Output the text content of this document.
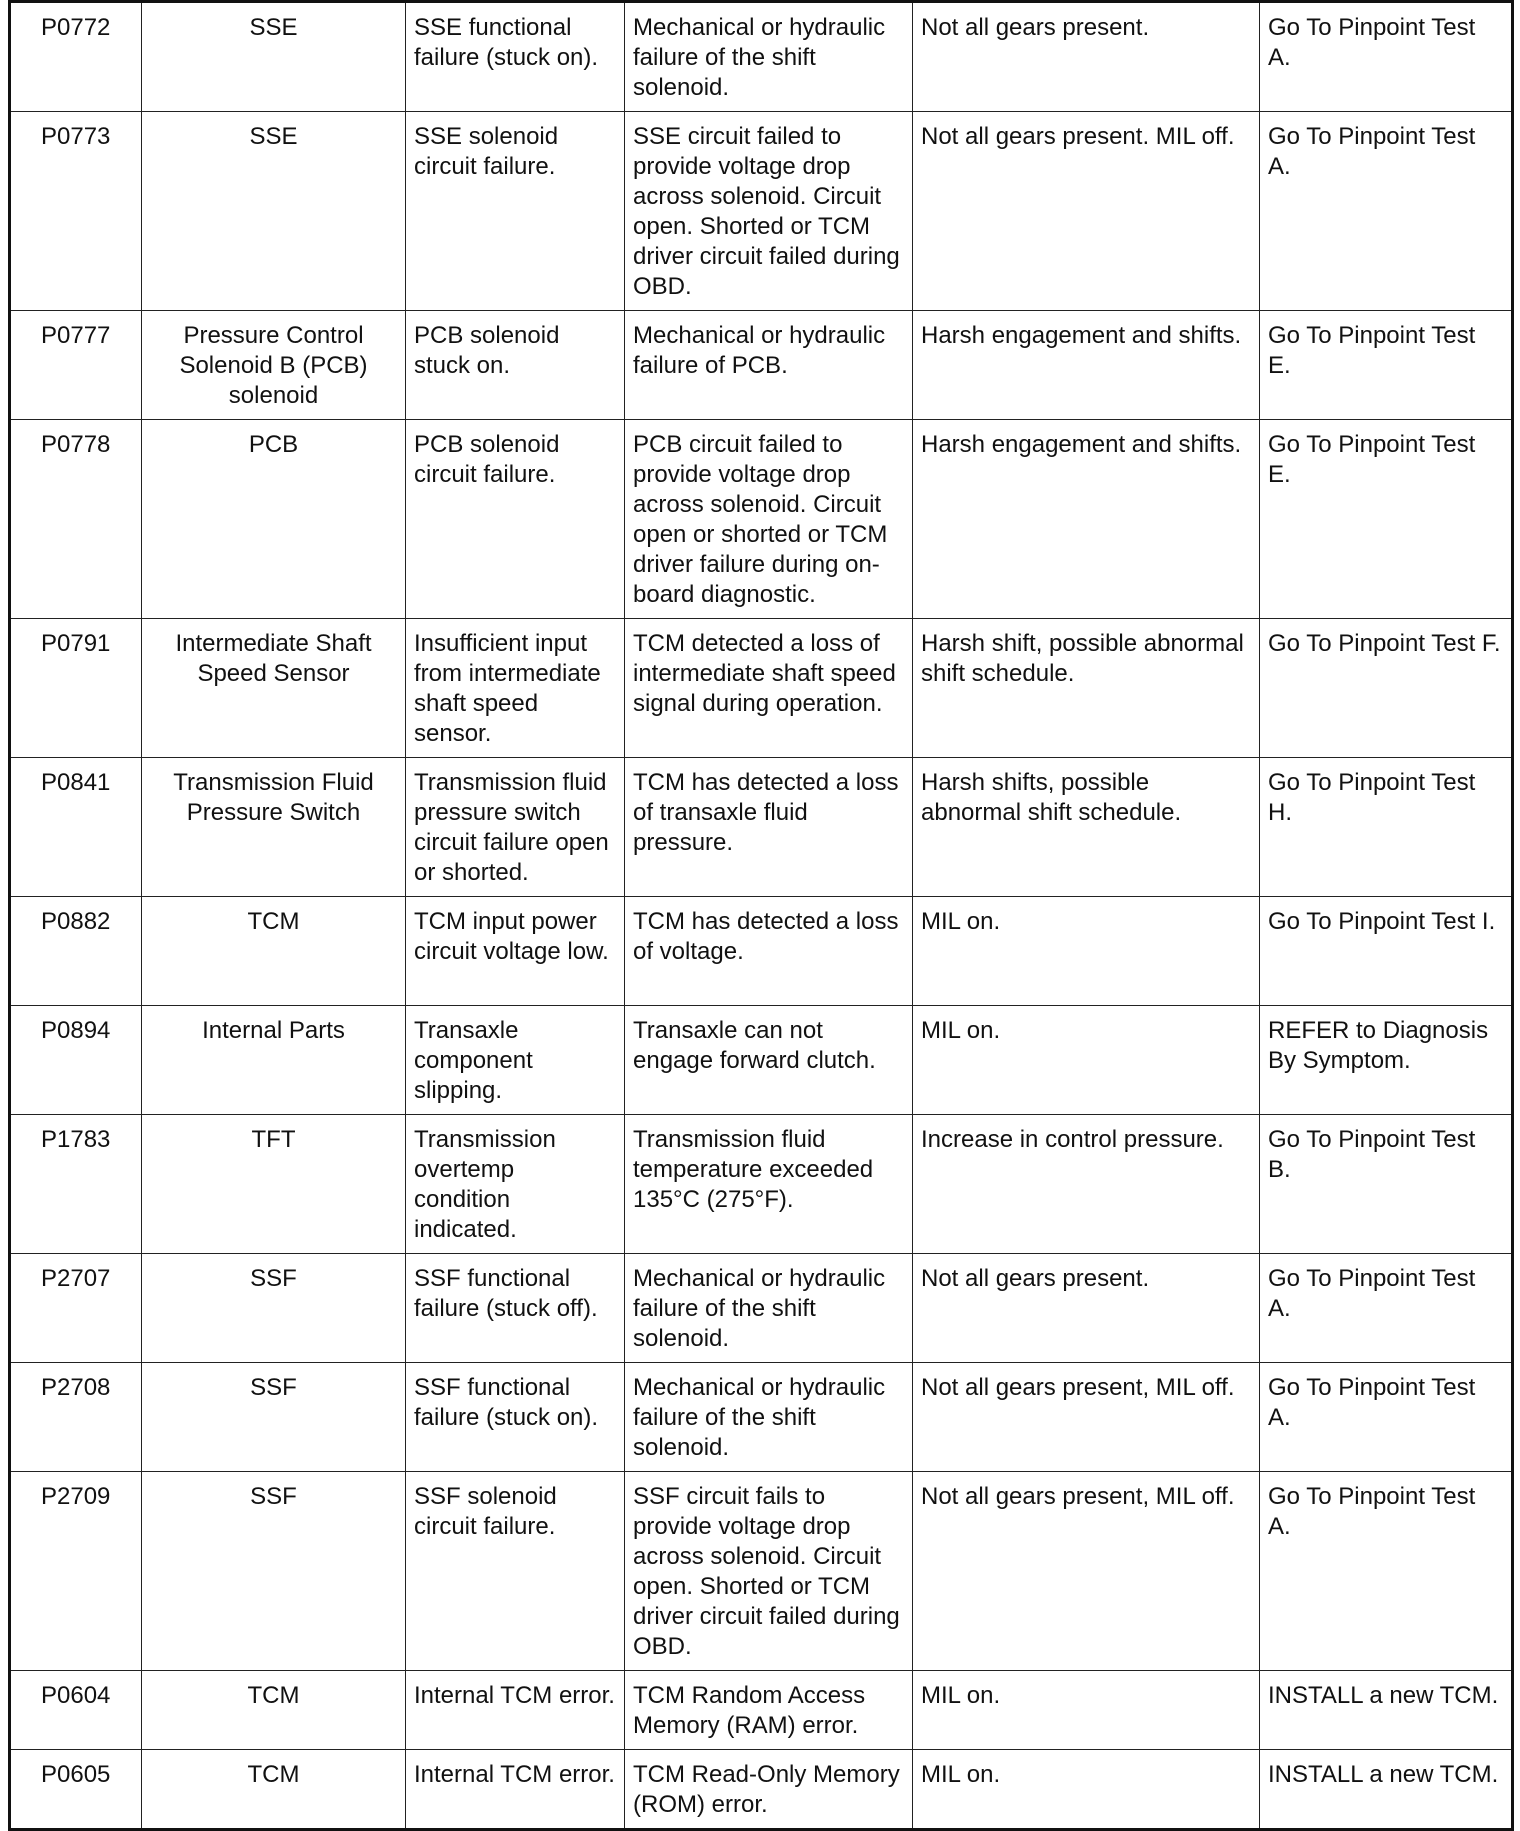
P0772	SSE	SSE functional failure (stuck on).	Mechanical or hydraulic failure of the shift solenoid.	Not all gears present.	Go To Pinpoint Test A.
P0773	SSE	SSE solenoid circuit failure.	SSE circuit failed to provide voltage drop across solenoid. Circuit open. Shorted or TCM driver circuit failed during OBD.	Not all gears present. MIL off.	Go To Pinpoint Test A.
P0777	Pressure Control Solenoid B (PCB) solenoid	PCB solenoid stuck on.	Mechanical or hydraulic failure of PCB.	Harsh engagement and shifts.	Go To Pinpoint Test E.
P0778	PCB	PCB solenoid circuit failure.	PCB circuit failed to provide voltage drop across solenoid. Circuit open or shorted or TCM driver failure during on-board diagnostic.	Harsh engagement and shifts.	Go To Pinpoint Test E.
P0791	Intermediate Shaft Speed Sensor	Insufficient input from intermediate shaft speed sensor.	TCM detected a loss of intermediate shaft speed signal during operation.	Harsh shift, possible abnormal shift schedule.	Go To Pinpoint Test F.
P0841	Transmission Fluid Pressure Switch	Transmission fluid pressure switch circuit failure open or shorted.	TCM has detected a loss of transaxle fluid pressure.	Harsh shifts, possible abnormal shift schedule.	Go To Pinpoint Test H.
P0882	TCM	TCM input power circuit voltage low.	TCM has detected a loss of voltage.	MIL on.	Go To Pinpoint Test I.
P0894	Internal Parts	Transaxle component slipping.	Transaxle can not engage forward clutch.	MIL on.	REFER to Diagnosis By Symptom.
P1783	TFT	Transmission overtemp condition indicated.	Transmission fluid temperature exceeded 135°C (275°F).	Increase in control pressure.	Go To Pinpoint Test B.
P2707	SSF	SSF functional failure (stuck off).	Mechanical or hydraulic failure of the shift solenoid.	Not all gears present.	Go To Pinpoint Test A.
P2708	SSF	SSF functional failure (stuck on).	Mechanical or hydraulic failure of the shift solenoid.	Not all gears present, MIL off.	Go To Pinpoint Test A.
P2709	SSF	SSF solenoid circuit failure.	SSF circuit fails to provide voltage drop across solenoid. Circuit open. Shorted or TCM driver circuit failed during OBD.	Not all gears present, MIL off.	Go To Pinpoint Test A.
P0604	TCM	Internal TCM error.	TCM Random Access Memory (RAM) error.	MIL on.	INSTALL a new TCM.
P0605	TCM	Internal TCM error.	TCM Read-Only Memory (ROM) error.	MIL on.	INSTALL a new TCM.
